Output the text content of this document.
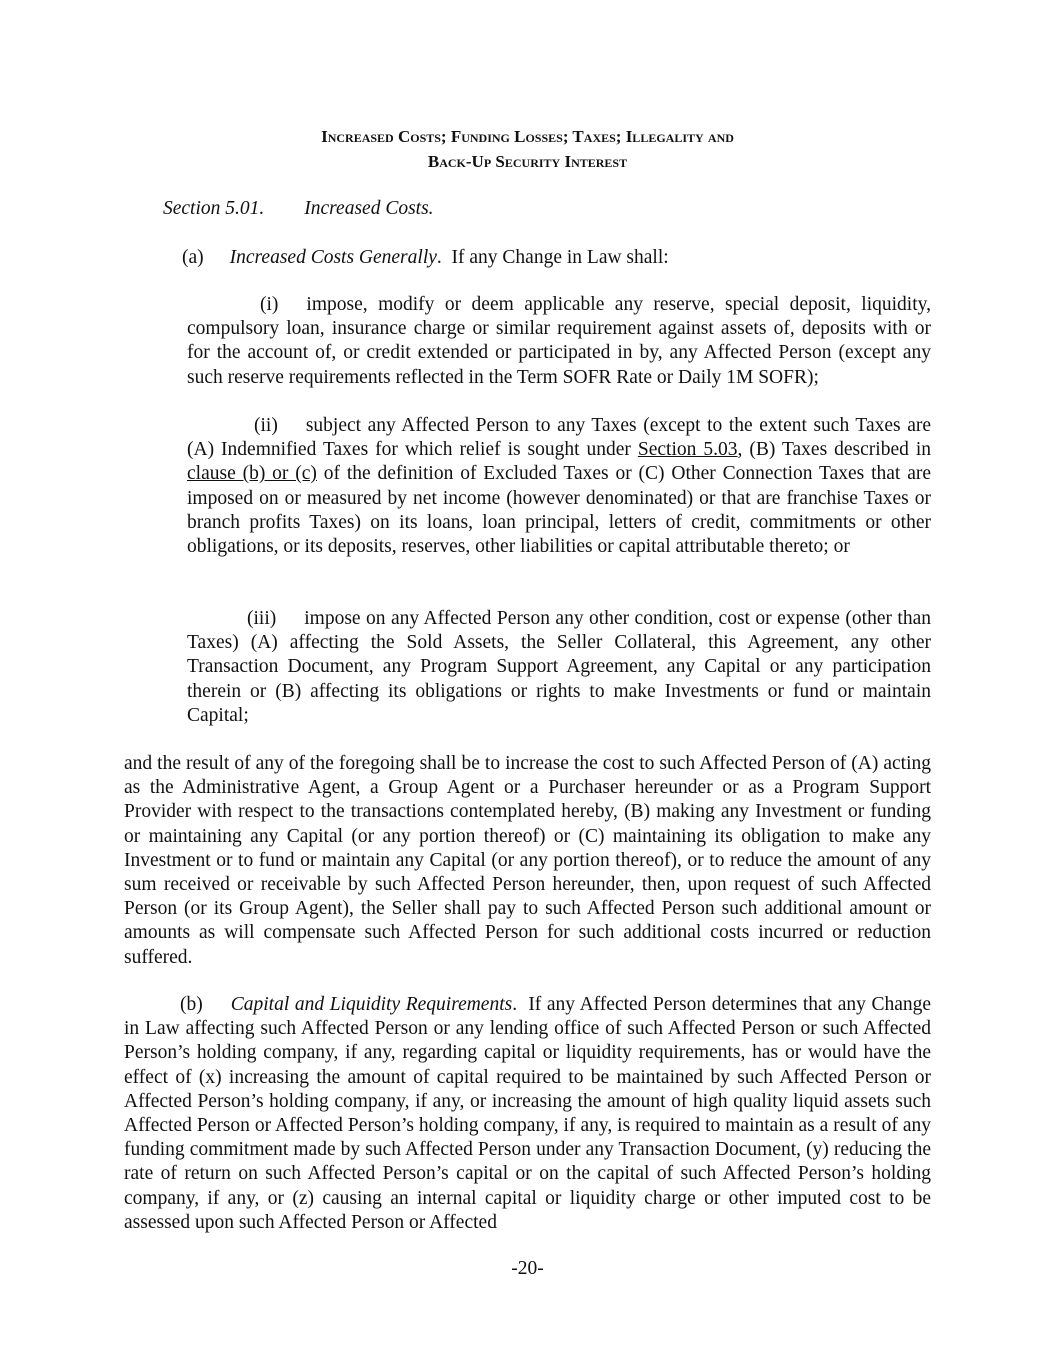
Increased Costs; Funding Losses; Taxes; Illegality and
Back-Up Security Interest
Section 5.01. Increased Costs.
(a) Increased Costs Generally.  If any Change in Law shall:
(i) impose, modify or deem applicable any reserve, special deposit, liquidity, compulsory loan, insurance charge or similar requirement against assets of, deposits with or for the account of, or credit extended or participated in by, any Affected Person (except any such reserve requirements reflected in the Term SOFR Rate or Daily 1M SOFR);
(ii) subject any Affected Person to any Taxes (except to the extent such Taxes are (A) Indemnified Taxes for which relief is sought under Section 5.03, (B) Taxes described in clause (b) or (c) of the definition of Excluded Taxes or (C) Other Connection Taxes that are imposed on or measured by net income (however denominated) or that are franchise Taxes or branch profits Taxes) on its loans, loan principal, letters of credit, commitments or other obligations, or its deposits, reserves, other liabilities or capital attributable thereto; or
(iii) impose on any Affected Person any other condition, cost or expense (other than Taxes) (A) affecting the Sold Assets, the Seller Collateral, this Agreement, any other Transaction Document, any Program Support Agreement, any Capital or any participation therein or (B) affecting its obligations or rights to make Investments or fund or maintain Capital;
and the result of any of the foregoing shall be to increase the cost to such Affected Person of (A) acting as the Administrative Agent, a Group Agent or a Purchaser hereunder or as a Program Support Provider with respect to the transactions contemplated hereby, (B) making any Investment or funding or maintaining any Capital (or any portion thereof) or (C) maintaining its obligation to make any Investment or to fund or maintain any Capital (or any portion thereof), or to reduce the amount of any sum received or receivable by such Affected Person hereunder, then, upon request of such Affected Person (or its Group Agent), the Seller shall pay to such Affected Person such additional amount or amounts as will compensate such Affected Person for such additional costs incurred or reduction suffered.
(b) Capital and Liquidity Requirements.  If any Affected Person determines that any Change in Law affecting such Affected Person or any lending office of such Affected Person or such Affected Person’s holding company, if any, regarding capital or liquidity requirements, has or would have the effect of (x) increasing the amount of capital required to be maintained by such Affected Person or Affected Person’s holding company, if any, or increasing the amount of high quality liquid assets such Affected Person or Affected Person’s holding company, if any, is required to maintain as a result of any funding commitment made by such Affected Person under any Transaction Document, (y) reducing the rate of return on such Affected Person’s capital or on the capital of such Affected Person’s holding company, if any, or (z) causing an internal capital or liquidity charge or other imputed cost to be assessed upon such Affected Person or Affected
-20-
